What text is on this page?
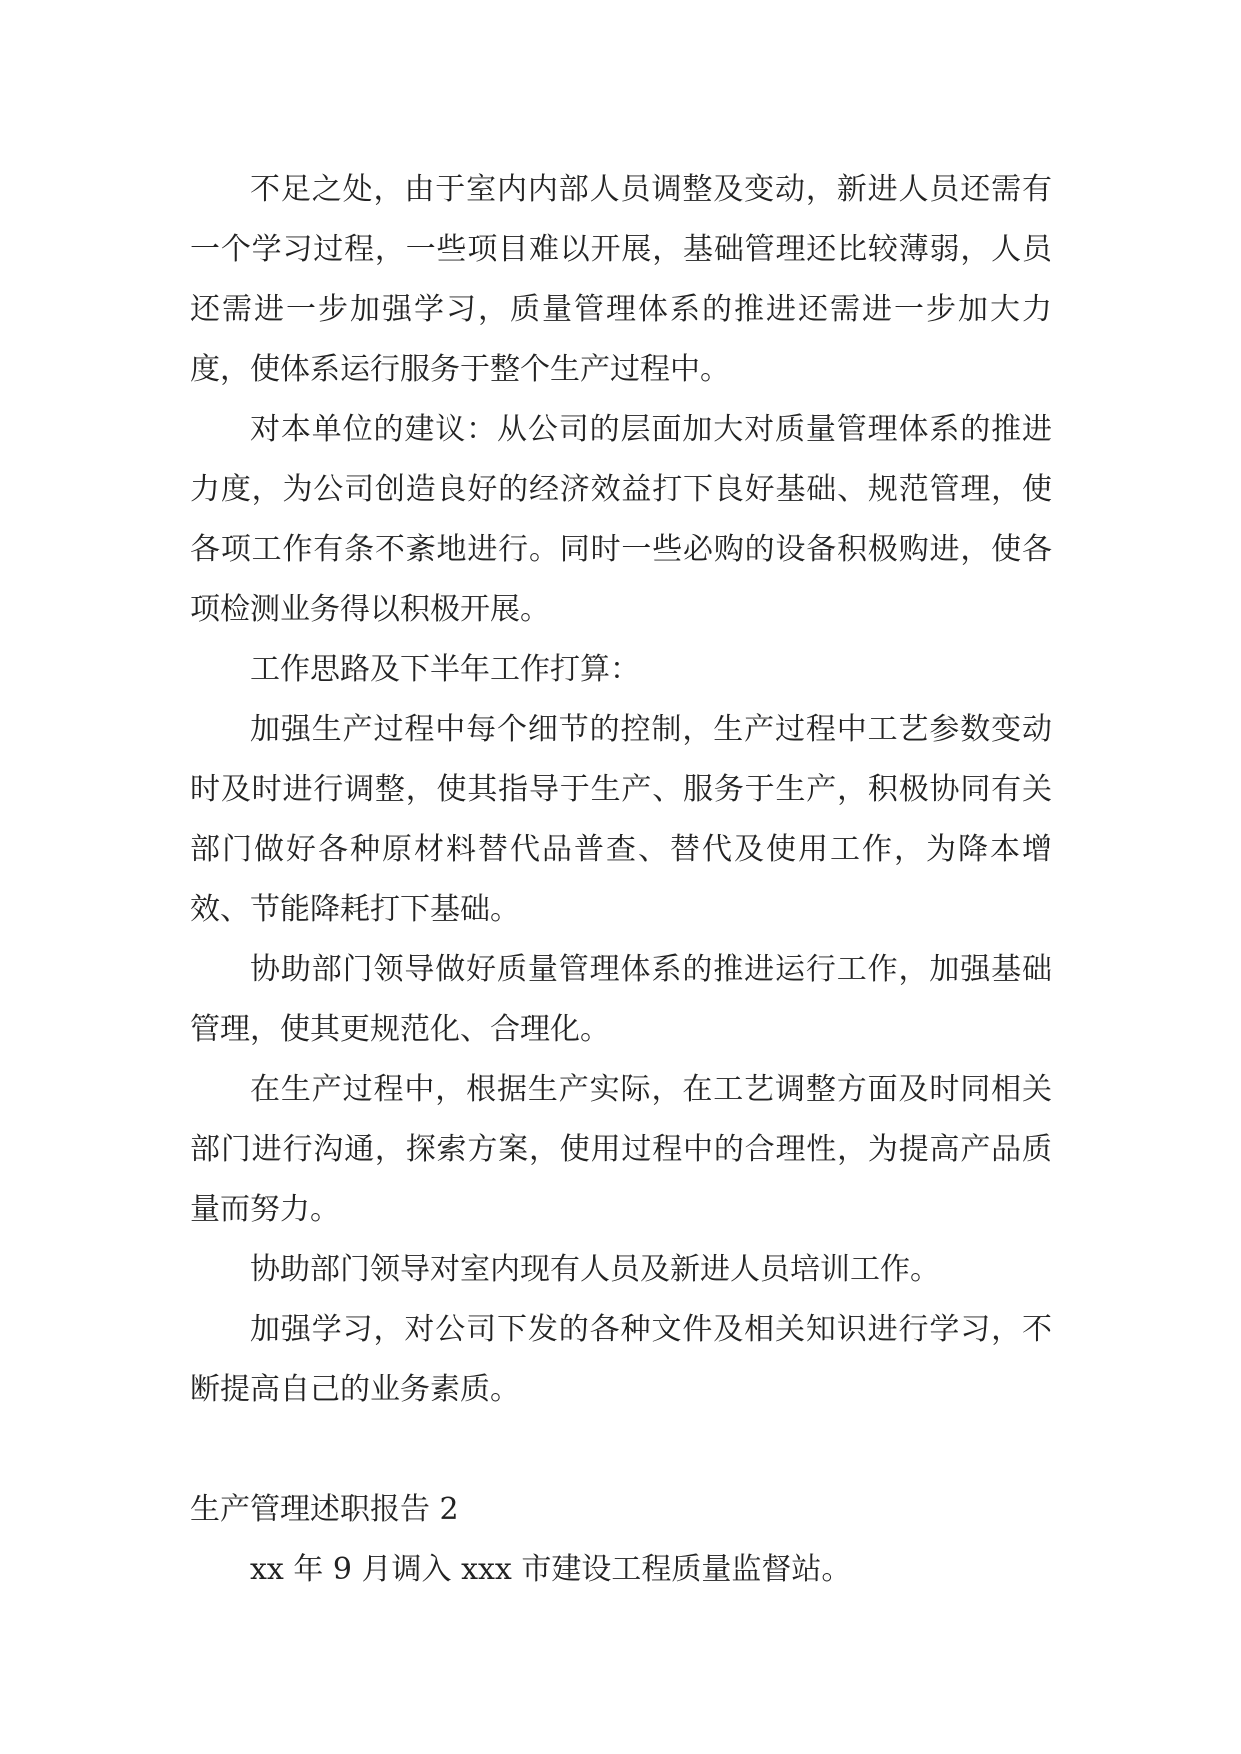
不足之处，由于室内内部人员调整及变动，新进人员还需有一个学习过程，一些项目难以开展，基础管理还比较薄弱，人员还需进一步加强学习，质量管理体系的推进还需进一步加大力度，使体系运行服务于整个生产过程中。

对本单位的建议：从公司的层面加大对质量管理体系的推进力度，为公司创造良好的经济效益打下良好基础、规范管理，使各项工作有条不紊地进行。同时一些必购的设备积极购进，使各项检测业务得以积极开展。

工作思路及下半年工作打算：

加强生产过程中每个细节的控制，生产过程中工艺参数变动时及时进行调整，使其指导于生产、服务于生产，积极协同有关部门做好各种原材料替代品普查、替代及使用工作，为降本增效、节能降耗打下基础。

协助部门领导做好质量管理体系的推进运行工作，加强基础管理，使其更规范化、合理化。

在生产过程中，根据生产实际，在工艺调整方面及时同相关部门进行沟通，探索方案，使用过程中的合理性，为提高产品质量而努力。

协助部门领导对室内现有人员及新进人员培训工作。

加强学习，对公司下发的各种文件及相关知识进行学习，不断提高自己的业务素质。

生产管理述职报告 2

xx 年 9 月调入 xxx 市建设工程质量监督站。
